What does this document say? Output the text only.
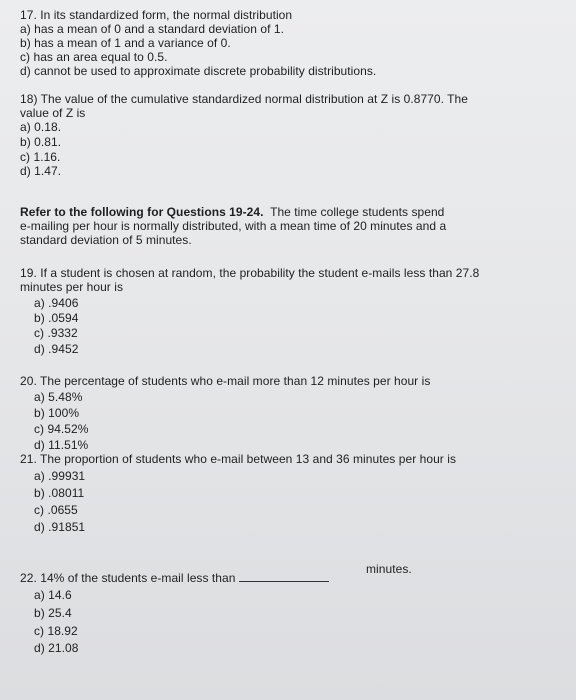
17. In its standardized form, the normal distribution
a) has a mean of 0 and a standard deviation of 1.
b) has a mean of 1 and a variance of 0.
c) has an area equal to 0.5.
d) cannot be used to approximate discrete probability distributions.
18) The value of the cumulative standardized normal distribution at Z is 0.8770. The
value of Z is
a) 0.18.
b) 0.81.
c) 1.16.
d) 1.47.
Refer to the following for Questions 19-24. The time college students spend
e-mailing per hour is normally distributed, with a mean time of 20 minutes and a
standard deviation of 5 minutes.
19. If a student is chosen at random, the probability the student e-mails less than 27.8
minutes per hour is
a) .9406
b) .0594
c) .9332
d) .9452
20. The percentage of students who e-mail more than 12 minutes per hour is
a) 5.48%
b) 100%
c) 94.52%
d) 11.51%
21. The proportion of students who e-mail between 13 and 36 minutes per hour is
a) .99931
b) .08011
c) .0655
d) .91851
22. 14% of the students e-mail less than
minutes.
a) 14.6
b) 25.4
c) 18.92
d) 21.08
